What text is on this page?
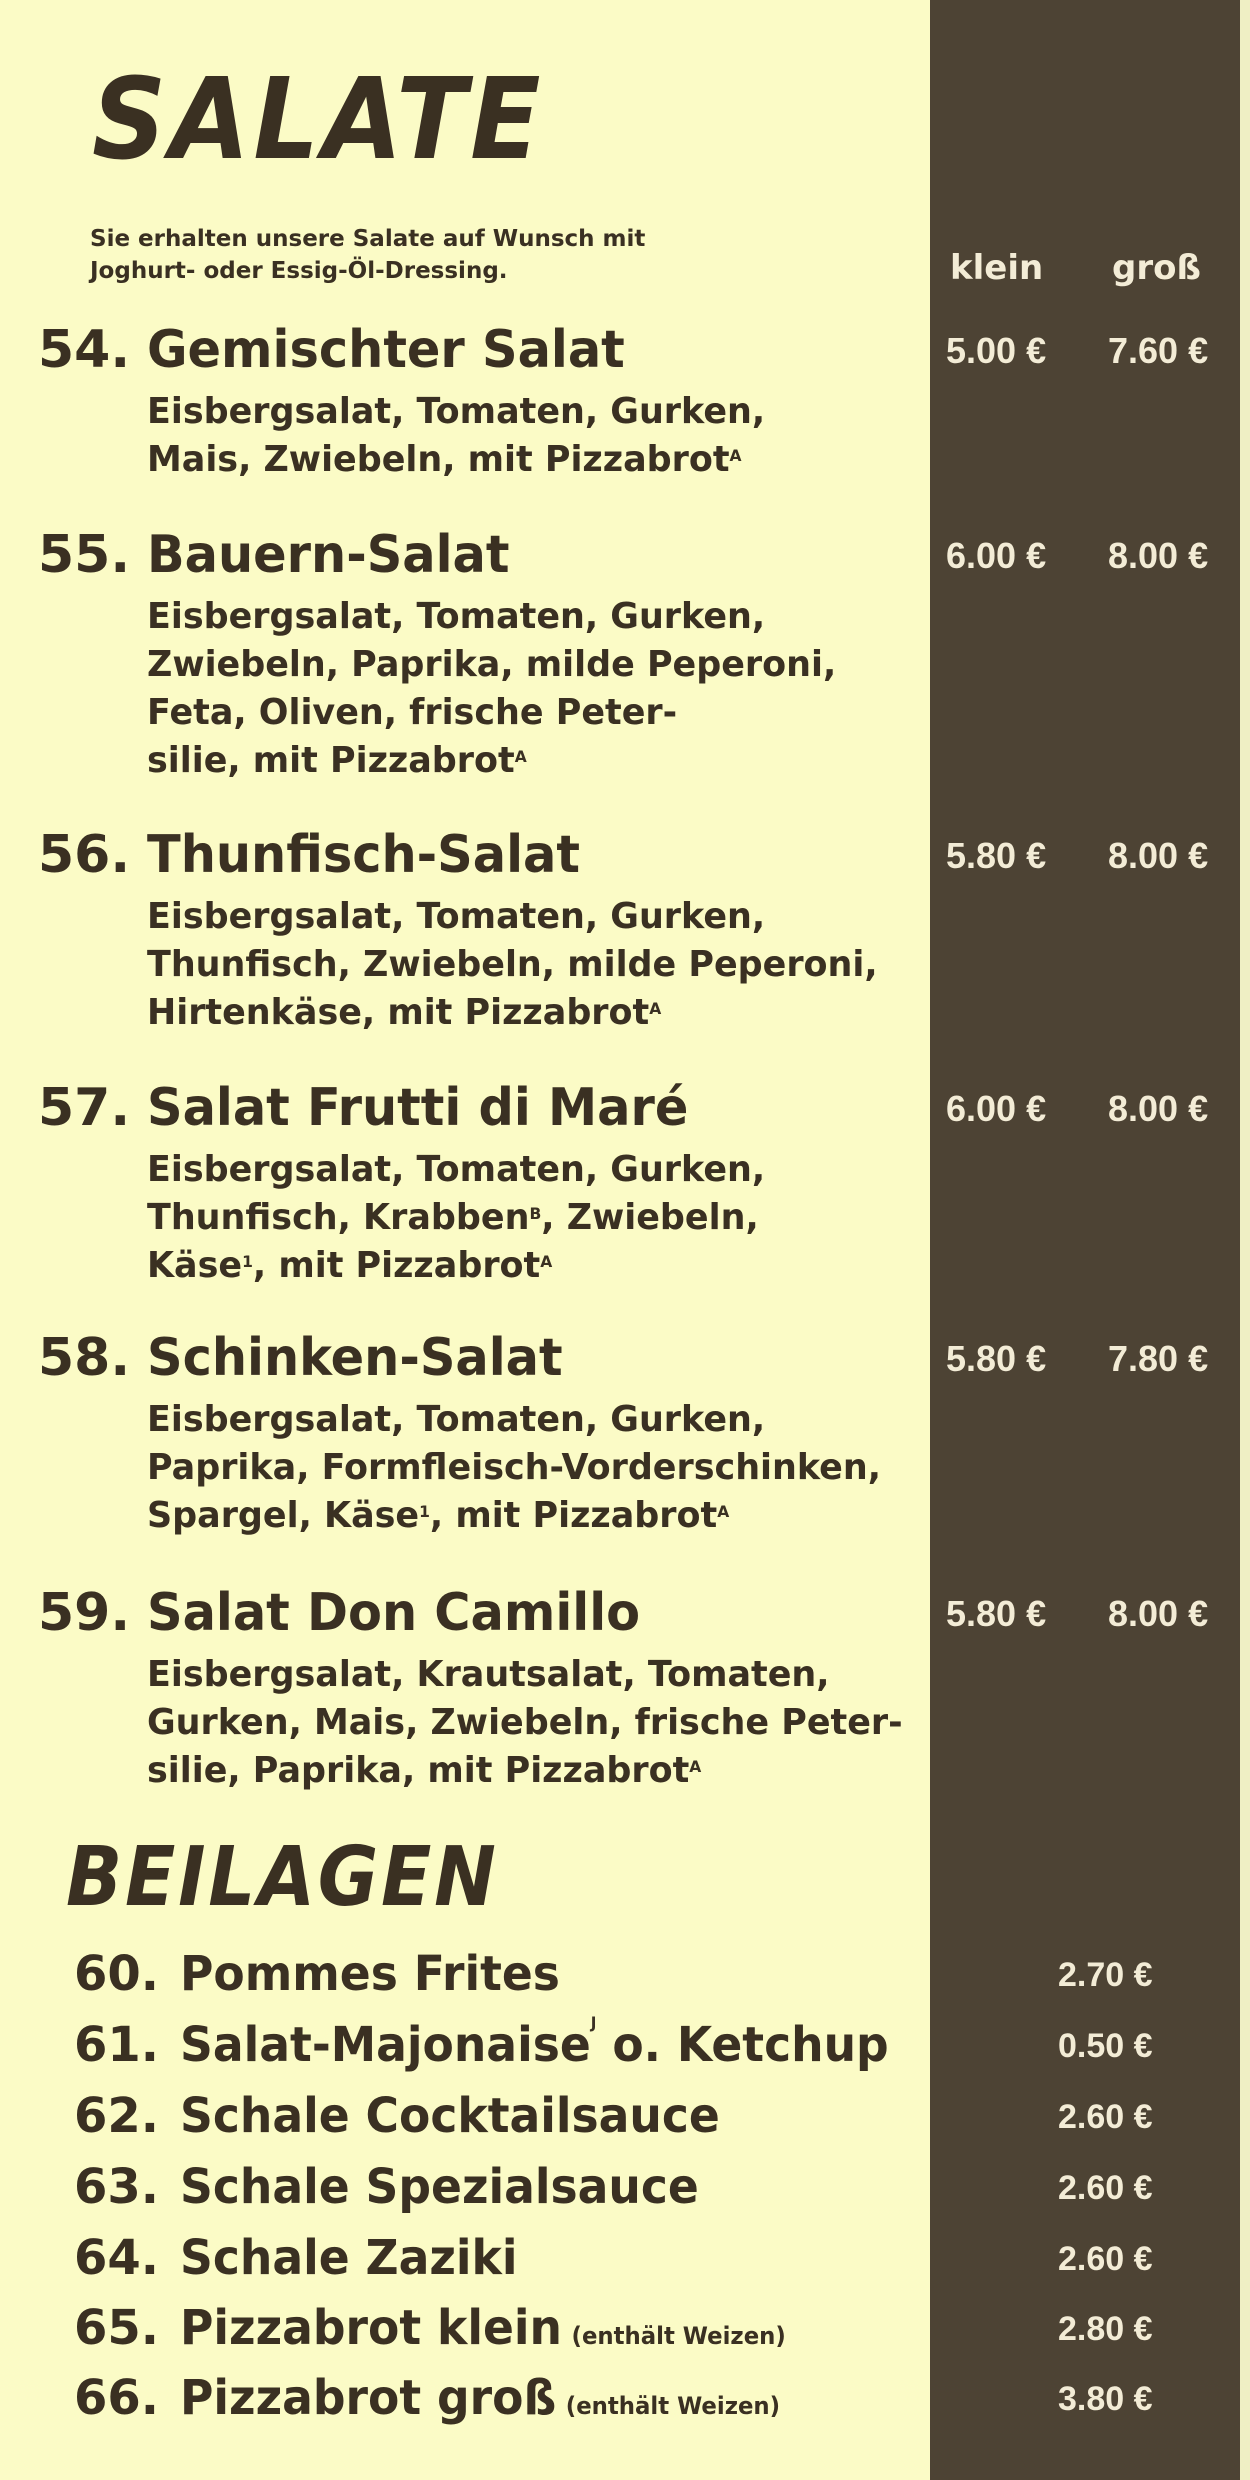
SALATE
Sie erhalten unsere Salate auf Wunsch mit
Joghurt- oder Essig-Öl-Dressing.	klein groß
54. Gemischter Salat
Eisbergsalat, Tomaten, Gurken,
Mais, Zwiebeln, mit Pizzabrot$^A$
5.00 € 7.60 €
55. Bauern-Salat
Eisbergsalat, Tomaten, Gurken,
Zwiebeln, Paprika, milde Peperoni,
Feta, Oliven, frische Peter-
silie, mit Pizzabrot$^A$
6.00 € 8.00 €
56. Thunfisch-Salat
Eisbergsalat, Tomaten, Gurken,
Thunfisch, Zwiebeln, milde Peperoni,
Hirtenkäse, mit Pizzabrot$^A$
5.80 € 8.00 €
57. Salat Frutti di Maré
Eisbergsalat, Tomaten, Gurken,
Thunfisch, Krabben$^B$, Zwiebeln,
Käse$^1$, mit Pizzabrot$^A$
6.00 € 8.00 €
58. Schinken-Salat
Eisbergsalat, Tomaten, Gurken,
Paprika, Formfleisch-Vorderschinken,
Spargel, Käse$^1$, mit Pizzabrot$^A$
5.80 € 7.80 €
59. Salat Don Camillo
Eisbergsalat, Krautsalat, Tomaten,
Gurken, Mais, Zwiebeln, frische Peter-
silie, Paprika, mit Pizzabrot$^A$
5.80 € 8.00 €
BEILAGEN
60. Pommes Frites	2.70 €
61. Salat-Majonaise$^J$ o. Ketchup	0.50 €
62. Schale Cocktailsauce	2.60 €
63. Schale Spezialsauce	2.60 €
64. Schale Zaziki	2.60 €
65. Pizzabrot klein (enthält Weizen)	2.80 €
66. Pizzabrot groß (enthält Weizen)	3.80 €
